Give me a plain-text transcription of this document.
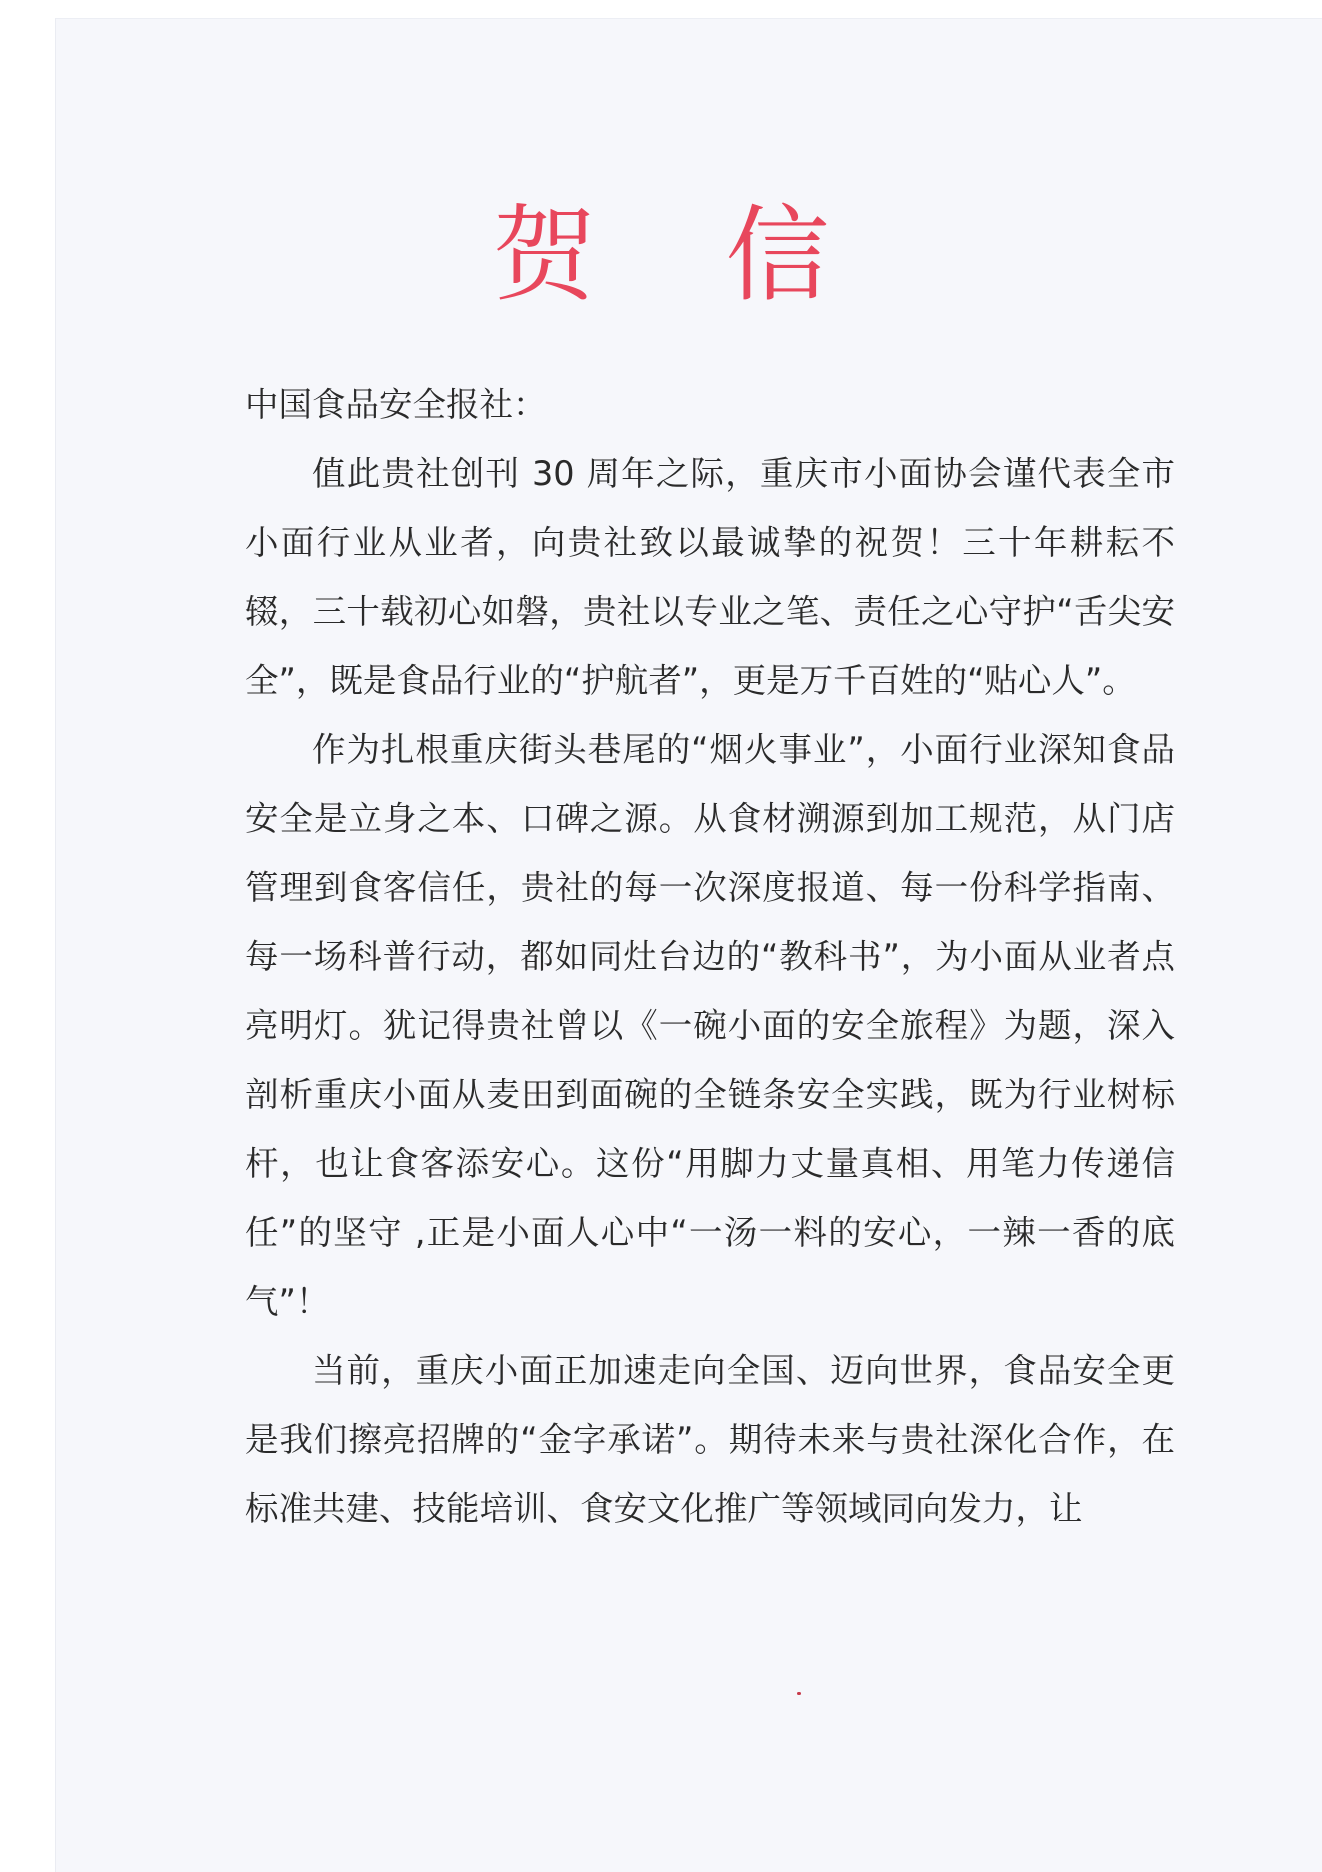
贺 信

中国食品安全报社：

值此贵社创刊 30 周年之际，重庆市小面协会谨代表全市小面行业从业者，向贵社致以最诚挚的祝贺！三十年耕耘不辍，三十载初心如磐，贵社以专业之笔、责任之心守护“舌尖安全”，既是食品行业的“护航者”，更是万千百姓的“贴心人”。

作为扎根重庆街头巷尾的“烟火事业”，小面行业深知食品安全是立身之本、口碑之源。从食材溯源到加工规范，从门店管理到食客信任，贵社的每一次深度报道、每一份科学指南、每一场科普行动，都如同灶台边的“教科书”，为小面从业者点亮明灯。犹记得贵社曾以《一碗小面的安全旅程》为题，深入剖析重庆小面从麦田到面碗的全链条安全实践，既为行业树标杆，也让食客添安心。这份“用脚力丈量真相、用笔力传递信任”的坚守 ,正是小面人心中“一汤一料的安心，一辣一香的底气”！

当前，重庆小面正加速走向全国、迈向世界，食品安全更是我们擦亮招牌的“金字承诺”。期待未来与贵社深化合作，在标准共建、技能培训、食安文化推广等领域同向发力，让
